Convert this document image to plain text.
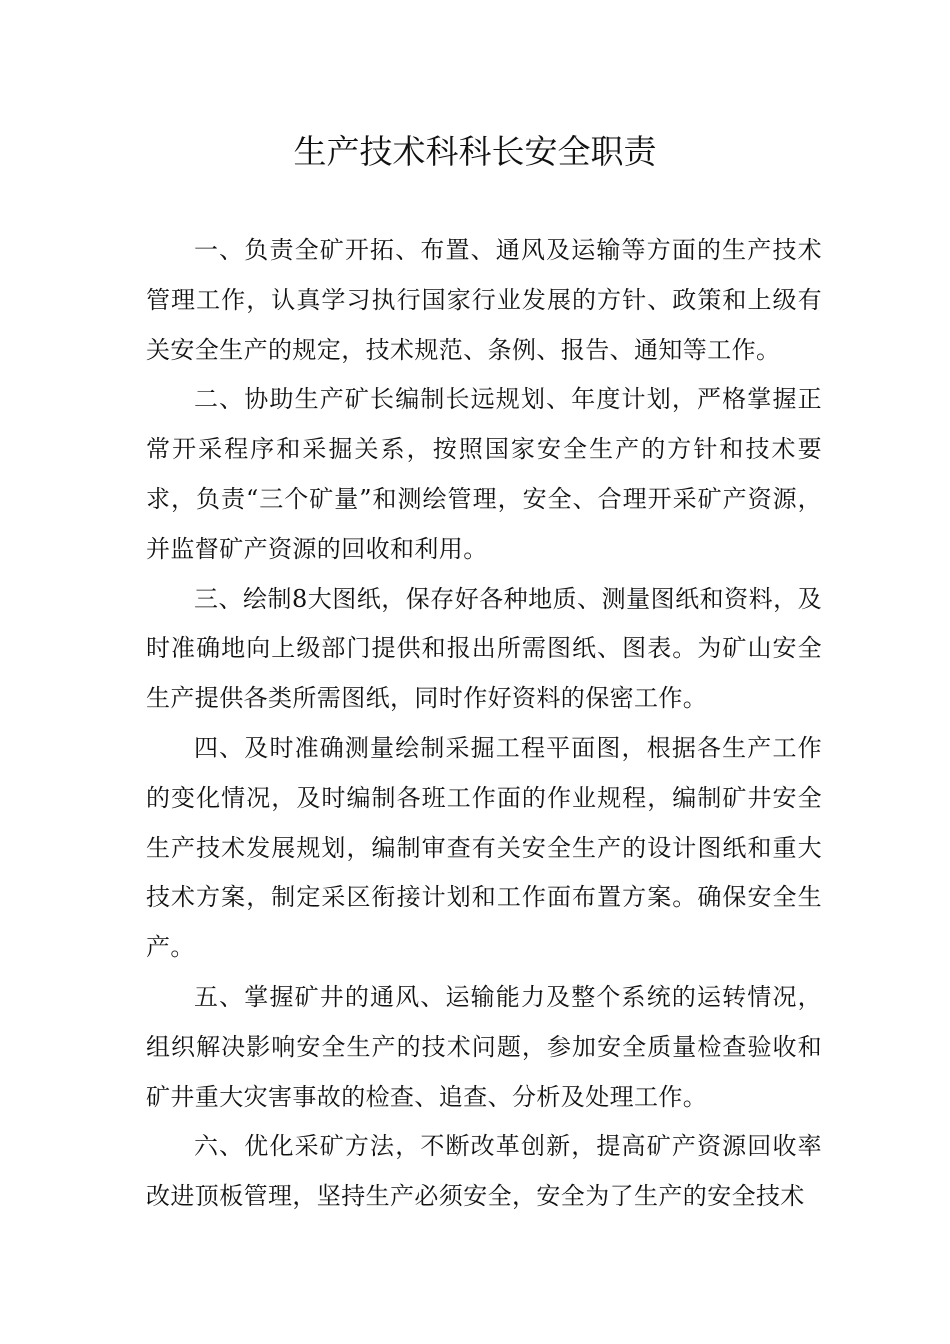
生产技术科科长安全职责

一、负责全矿开拓、布置、通风及运输等方面的生产技术管理工作，认真学习执行国家行业发展的方针、政策和上级有关安全生产的规定，技术规范、条例、报告、通知等工作。

二、协助生产矿长编制长远规划、年度计划，严格掌握正常开采程序和采掘关系，按照国家安全生产的方针和技术要求，负责“三个矿量”和测绘管理，安全、合理开采矿产资源，并监督矿产资源的回收和利用。

三、绘制8大图纸，保存好各种地质、测量图纸和资料，及时准确地向上级部门提供和报出所需图纸、图表。为矿山安全生产提供各类所需图纸，同时作好资料的保密工作。

四、及时准确测量绘制采掘工程平面图，根据各生产工作的变化情况，及时编制各班工作面的作业规程，编制矿井安全生产技术发展规划，编制审查有关安全生产的设计图纸和重大技术方案，制定采区衔接计划和工作面布置方案。确保安全生产。

五、掌握矿井的通风、运输能力及整个系统的运转情况，组织解决影响安全生产的技术问题，参加安全质量检查验收和矿井重大灾害事故的检查、追查、分析及处理工作。

六、优化采矿方法，不断改革创新，提高矿产资源回收率改进顶板管理，坚持生产必须安全，安全为了生产的安全技术
